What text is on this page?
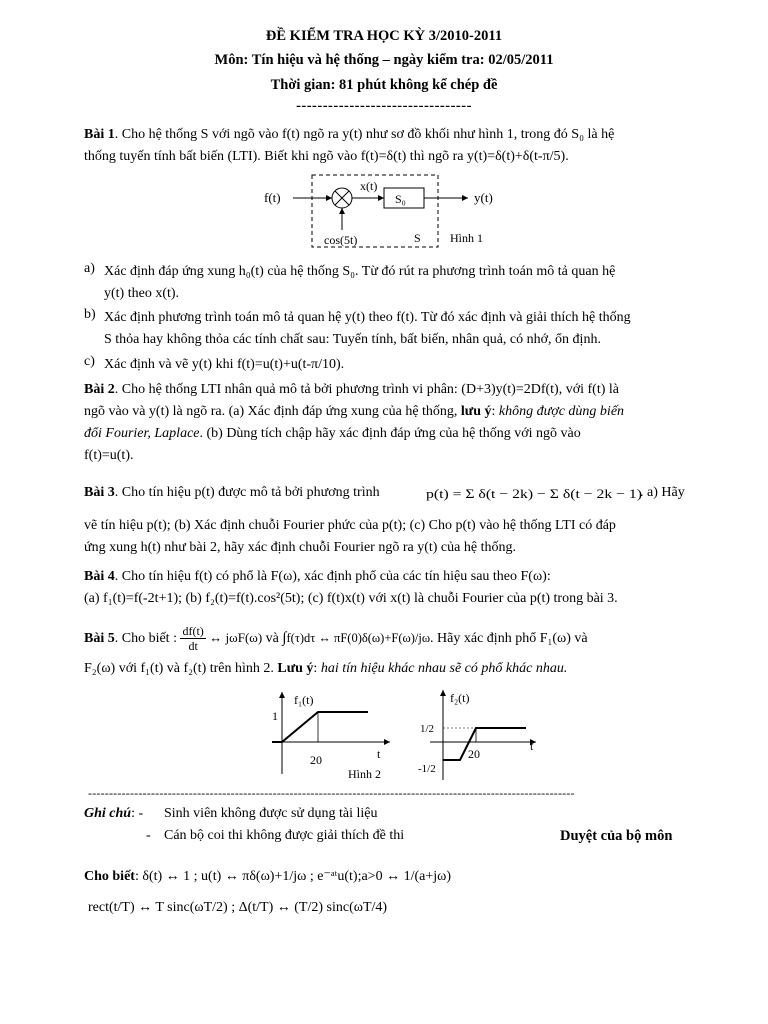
ĐỀ KIỂM TRA HỌC KỲ 3/2010-2011
Môn: Tín hiệu và hệ thống – ngày kiểm tra: 02/05/2011
Thời gian: 81 phút không kể chép đề
---------------------------------
Bài 1. Cho hệ thống S với ngõ vào f(t) ngõ ra y(t) như sơ đồ khối như hình 1, trong đó S₀ là hệ
thống tuyến tính bất biến (LTI). Biết khi ngõ vào f(t)=δ(t) thì ngõ ra y(t)=δ(t)+δ(t-π/5).
f(t)
x(t)
S₀	y(t)
cos(5t)	S Hình 1
a) Xác định đáp ứng xung h₀(t) của hệ thống S₀. Từ đó rút ra phương trình toán mô tả quan hệ
y(t) theo x(t).
b) Xác định phương trình toán mô tả quan hệ y(t) theo f(t). Từ đó xác định và giải thích hệ thống
S thỏa hay không thỏa các tính chất sau: Tuyến tính, bất biến, nhân quả, có nhớ, ổn định.
c) Xác định và vẽ y(t) khi f(t)=u(t)+u(t-π/10).
Bài 2. Cho hệ thống LTI nhân quả mô tả bởi phương trình vi phân: (D+3)y(t)=2Df(t), với f(t) là
ngõ vào và y(t) là ngõ ra. (a) Xác định đáp ứng xung của hệ thống, lưu ý: không được dùng biến
đổi Fourier, Laplace. (b) Dùng tích chập hãy xác định đáp ứng của hệ thống với ngõ vào
f(t)=u(t).
Bài 3. Cho tín hiệu p(t) được mô tả bởi phương trình	p(t) = Σ δ(t − 2k) − Σ δ(t − 2k − 1)
. a) Hãy
vẽ tín hiệu p(t); (b) Xác định chuỗi Fourier phức của p(t); (c) Cho p(t) vào hệ thống LTI có đáp
ứng xung h(t) như bài 2, hãy xác định chuỗi Fourier ngõ ra y(t) của hệ thống.
Bài 4. Cho tín hiệu f(t) có phổ là F(ω), xác định phổ của các tín hiệu sau theo F(ω):
(a) f₁(t)=f(-2t+1); (b) f₂(t)=f(t).cos²(5t); (c) f(t)x(t) với x(t) là chuỗi Fourier của p(t) trong bài 3.
Bài 5. Cho biết : $\frac{df(t)}{dt}$ ↔ jωF(ω) và ∫f(τ)dτ ↔ πF(0)δ(ω)+F(ω)/jω. Hãy xác định phổ F₁(ω) và
F₂(ω) với f₁(t) và f₂(t) trên hình 2. Lưu ý: hai tín hiệu khác nhau sẽ có phổ khác nhau.
f₁(t)
t
1
20
f₂(t)
t
1/2
-1/2
20
Hình 2
--------------------------------------------------------------------------------------------------------------------
Ghi chú: - Sinh viên không được sử dụng tài liệu
- Cán bộ coi thi không được giải thích đề thi	Duyệt của bộ môn
Cho biết: δ(t) ↔ 1 ; u(t) ↔ πδ(ω)+1/jω ; e⁻ᵃᵗu(t);a>0 ↔ 1/(a+jω)
rect(t/T) ↔ T sinc(ωT/2) ; Δ(t/T) ↔ (T/2) sinc(ωT/4)
